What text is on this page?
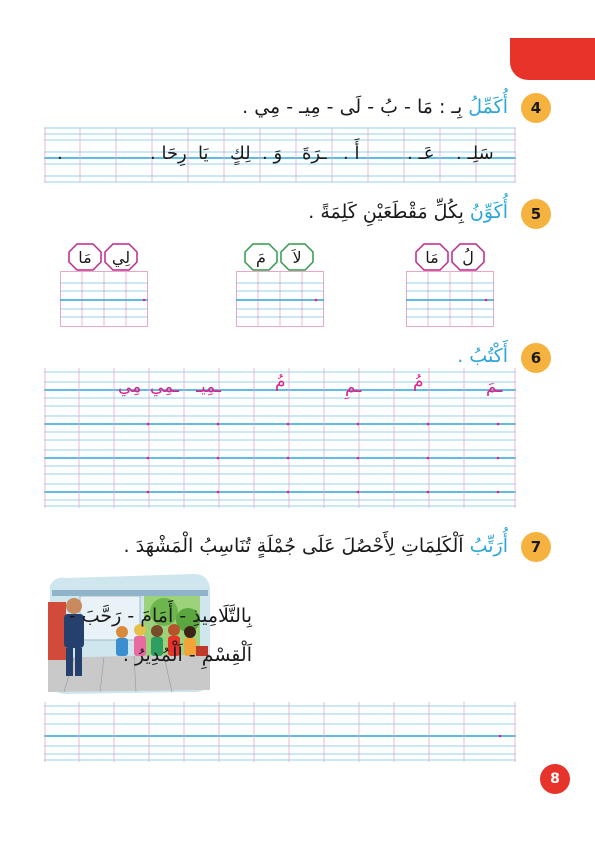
4
أُكَمِّلُ بِـ : مَا - بُ - لَى - مِيـ - مِي .
سَلِـ .
عَـ .
أَ .
ـرَةَ
وَ .
لِكٍ
يَا
رِحَا .
.
5
أُكَوِّنُ بِكُلِّ مَقْطَعَيْنِ كَلِمَةً .
مَا لِي	مَ لاَ	مَا لُ
6
أَكْتُبُ .
ـمَ
مُ
ـمِ
مُ
ـمِيـ
ـمِي
مِي
7
أُرَتِّبُ اَلْكَلِمَاتِ لِأَحْصُلَ عَلَى جُمْلَةٍ تُنَاسِبُ الْمَشْهَدَ .
بِالتَّلَامِيذِ - أَمَامَ - رَحَّبَ -
اَلْقِسْمِ - اَلْمُدِيرُ .
8
